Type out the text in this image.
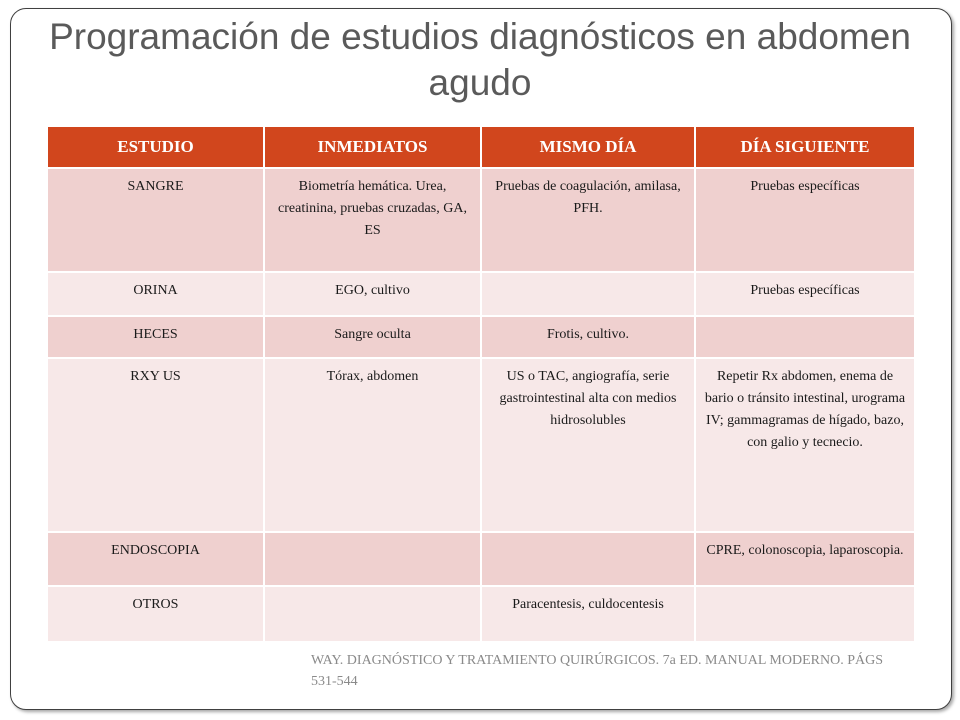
Programación de estudios diagnósticos en abdomen agudo
ESTUDIO	INMEDIATOS	MISMO DÍA	DÍA SIGUIENTE
SANGRE	Biometría hemática. Urea, creatinina, pruebas cruzadas, GA, ES	Pruebas de coagulación, amilasa, PFH.	Pruebas específicas
ORINA	EGO, cultivo		Pruebas específicas
HECES	Sangre oculta	Frotis, cultivo.	
RXY US	Tórax, abdomen	US o TAC, angiografía, serie gastrointestinal alta con medios hidrosolubles	Repetir Rx abdomen, enema de bario o tránsito intestinal, urograma IV; gammagramas de hígado, bazo, con galio y tecnecio.
ENDOSCOPIA			CPRE, colonoscopia, laparoscopia.
OTROS		Paracentesis, culdocentesis	
WAY. DIAGNÓSTICO Y TRATAMIENTO QUIRÚRGICOS. 7a ED. MANUAL MODERNO. PÁGS 531-544
